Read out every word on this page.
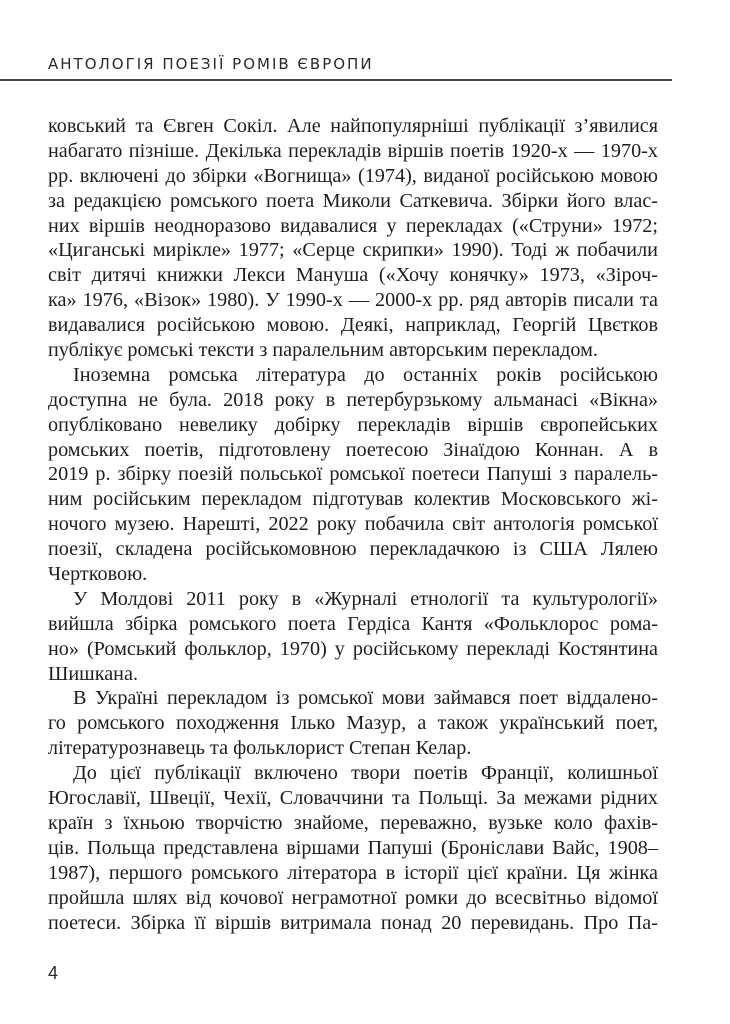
АНТОЛОГІЯ ПОЕЗІЇ РОМІВ ЄВРОПИ
ковський та Євген Сокіл. Але найпопулярніші публікації з’явилися
набагато пізніше. Декілька перекладів віршів поетів 1920-х — 1970-х
рр. включені до збірки «Вогнища» (1974), виданої російською мовою
за редакцією ромського поета Миколи Саткевича. Збірки його влас-
них віршів неодноразово видавалися у перекладах («Струни» 1972;
«Циганські мирікле» 1977; «Серце скрипки» 1990). Тоді ж побачили
світ дитячі книжки Лекси Мануша («Хочу конячку» 1973, «Зіроч-
ка» 1976, «Візок» 1980). У 1990-х — 2000-х рр. ряд авторів писали та
видавалися російською мовою. Деякі, наприклад, Георгій Цвєтков
публікує ромські тексти з паралельним авторським перекладом.
Іноземна ромська література до останніх років російською
доступна не була. 2018 року в петербурзькому альманасі «Вікна»
опубліковано невелику добірку перекладів віршів європейських
ромських поетів, підготовлену поетесою Зінаїдою Коннан. А в
2019 р. збірку поезій польської ромської поетеси Папуші з паралель-
ним російським перекладом підготував колектив Московського жі-
ночого музею. Нарешті, 2022 року побачила світ антологія ромської
поезії, складена російськомовною перекладачкою із США Лялею
Чертковою.
У Молдові 2011 року в «Журналі етнології та культурології»
вийшла збірка ромського поета Гердіса Кантя «Фольклорос рома-
но» (Ромський фольклор, 1970) у російському перекладі Костянтина
Шишкана.
В Україні перекладом із ромської мови займався поет віддалено-
го ромського походження Ілько Мазур, а також український поет,
літературознавець та фольклорист Степан Келар.
До цієї публікації включено твори поетів Франції, колишньої
Югославії, Швеції, Чехії, Словаччини та Польщі. За межами рідних
країн з їхньою творчістю знайоме, переважно, вузьке коло фахів-
ців. Польща представлена віршами Папуші (Броніслави Вайс, 1908–
1987), першого ромського літератора в історії цієї країни. Ця жінка
пройшла шлях від кочової неграмотної ромки до всесвітньо відомої
поетеси. Збірка її віршів витримала понад 20 перевидань. Про Па-
4
